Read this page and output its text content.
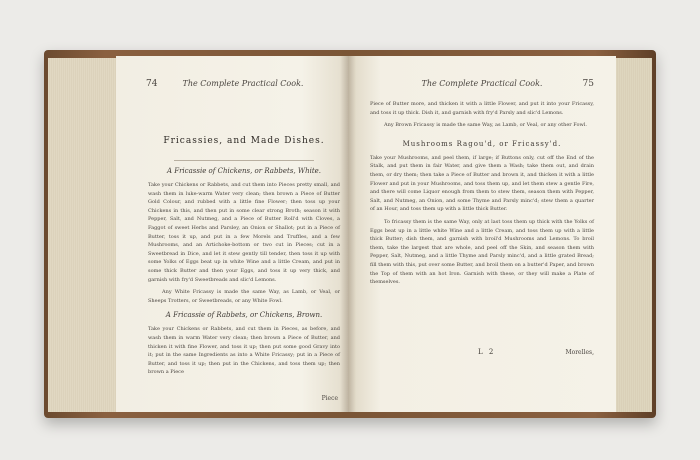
74	The Complete Practical Cook.
Fricassies, and Made Dishes.
A Fricassie of Chickens, or Rabbets, White.

Take your Chickens or Rabbets, and cut them into Pieces pretty small, and wash them in luke-warm Water very clean; then brown a Piece of Butter Gold Colour, and rubbed with a little fine Flower; then toss up your Chickens in this, and then put in some clear strong Broth; season it with Pepper, Salt, and Nutmeg, and a Piece of Butter Roll'd with Cloves, a Faggot of sweet Herbs and Parsley, an Onion or Shallot; put in a Piece of Butter, toss it up, and put in a few Morels and Truffles, and a few Mushrooms, and an Artichoke-bottom or two cut in Pieces; cut in a Sweetbread in Dice, and let it stew gently till tender, then toss it up with some Yolks of Eggs beat up in white Wine and a little Cream, and put in some thick Butter and then your Eggs, and toss it up very thick, and garnish with fry'd Sweetbreads and slic'd Lemons.

Any White Fricassy is made the same Way, as Lamb, or Veal, or Sheeps Trotters, or Sweetbreads, or any White Fowl.

A Fricassie of Rabbets, or Chickens, Brown.

Take your Chickens or Rabbets, and cut them in Pieces, as before, and wash them in warm Water very clean; then brown a Piece of Butter, and thicken it with fine Flower, and toss it up; then put some good Gravy into it; put in the same Ingredients as into a White Fricassy; put in a Piece of Butter, and toss it up; then put in the Chickens, and toss them up; then brown a Piece

Piece
The Complete Practical Cook.	75

Piece of Butter more, and thicken it with a little Flower, and put it into your Fricassy, and toss it up thick. Dish it, and garnish with fry'd Parsly and slic'd Lemons.

Any Brown Fricassy is made the same Way, as Lamb, or Veal, or any other Fowl.

Mushrooms Ragou'd, or Fricassy'd.

Take your Mushrooms, and peel them, if large; if Buttons only, cut off the End of the Stalk, and put them in fair Water, and give them a Wash; take them out, and drain them, or dry them; then take a Piece of Butter and brown it, and thicken it with a little Flower and put in your Mushrooms, and toss them up, and let them stew a gentle Fire, and there will come Liquor enough from them to stew them, season them with Pepper, Salt, and Nutmeg, an Onion, and some Thyme and Parsly minc'd; stew them a quarter of an Hour, and toss them up with a little thick Butter.

To fricassy them is the same Way, only at last toss them up thick with the Yolks of Eggs beat up in a little white Wine and a little Cream, and toss them up with a little thick Butter; dish them, and garnish with broil'd Mushrooms and Lemons. To broil them, take the largest that are whole, and peel off the Skin, and season them with Pepper, Salt, Nutmeg, and a little Thyme and Parsly minc'd, and a little grated Bread; fill them with this, put over some Butter, and broil them on a butter'd Paper, and brown the Top of them with an hot Iron. Garnish with these, or they will make a Plate of themselves.

L 2	Morelles,
